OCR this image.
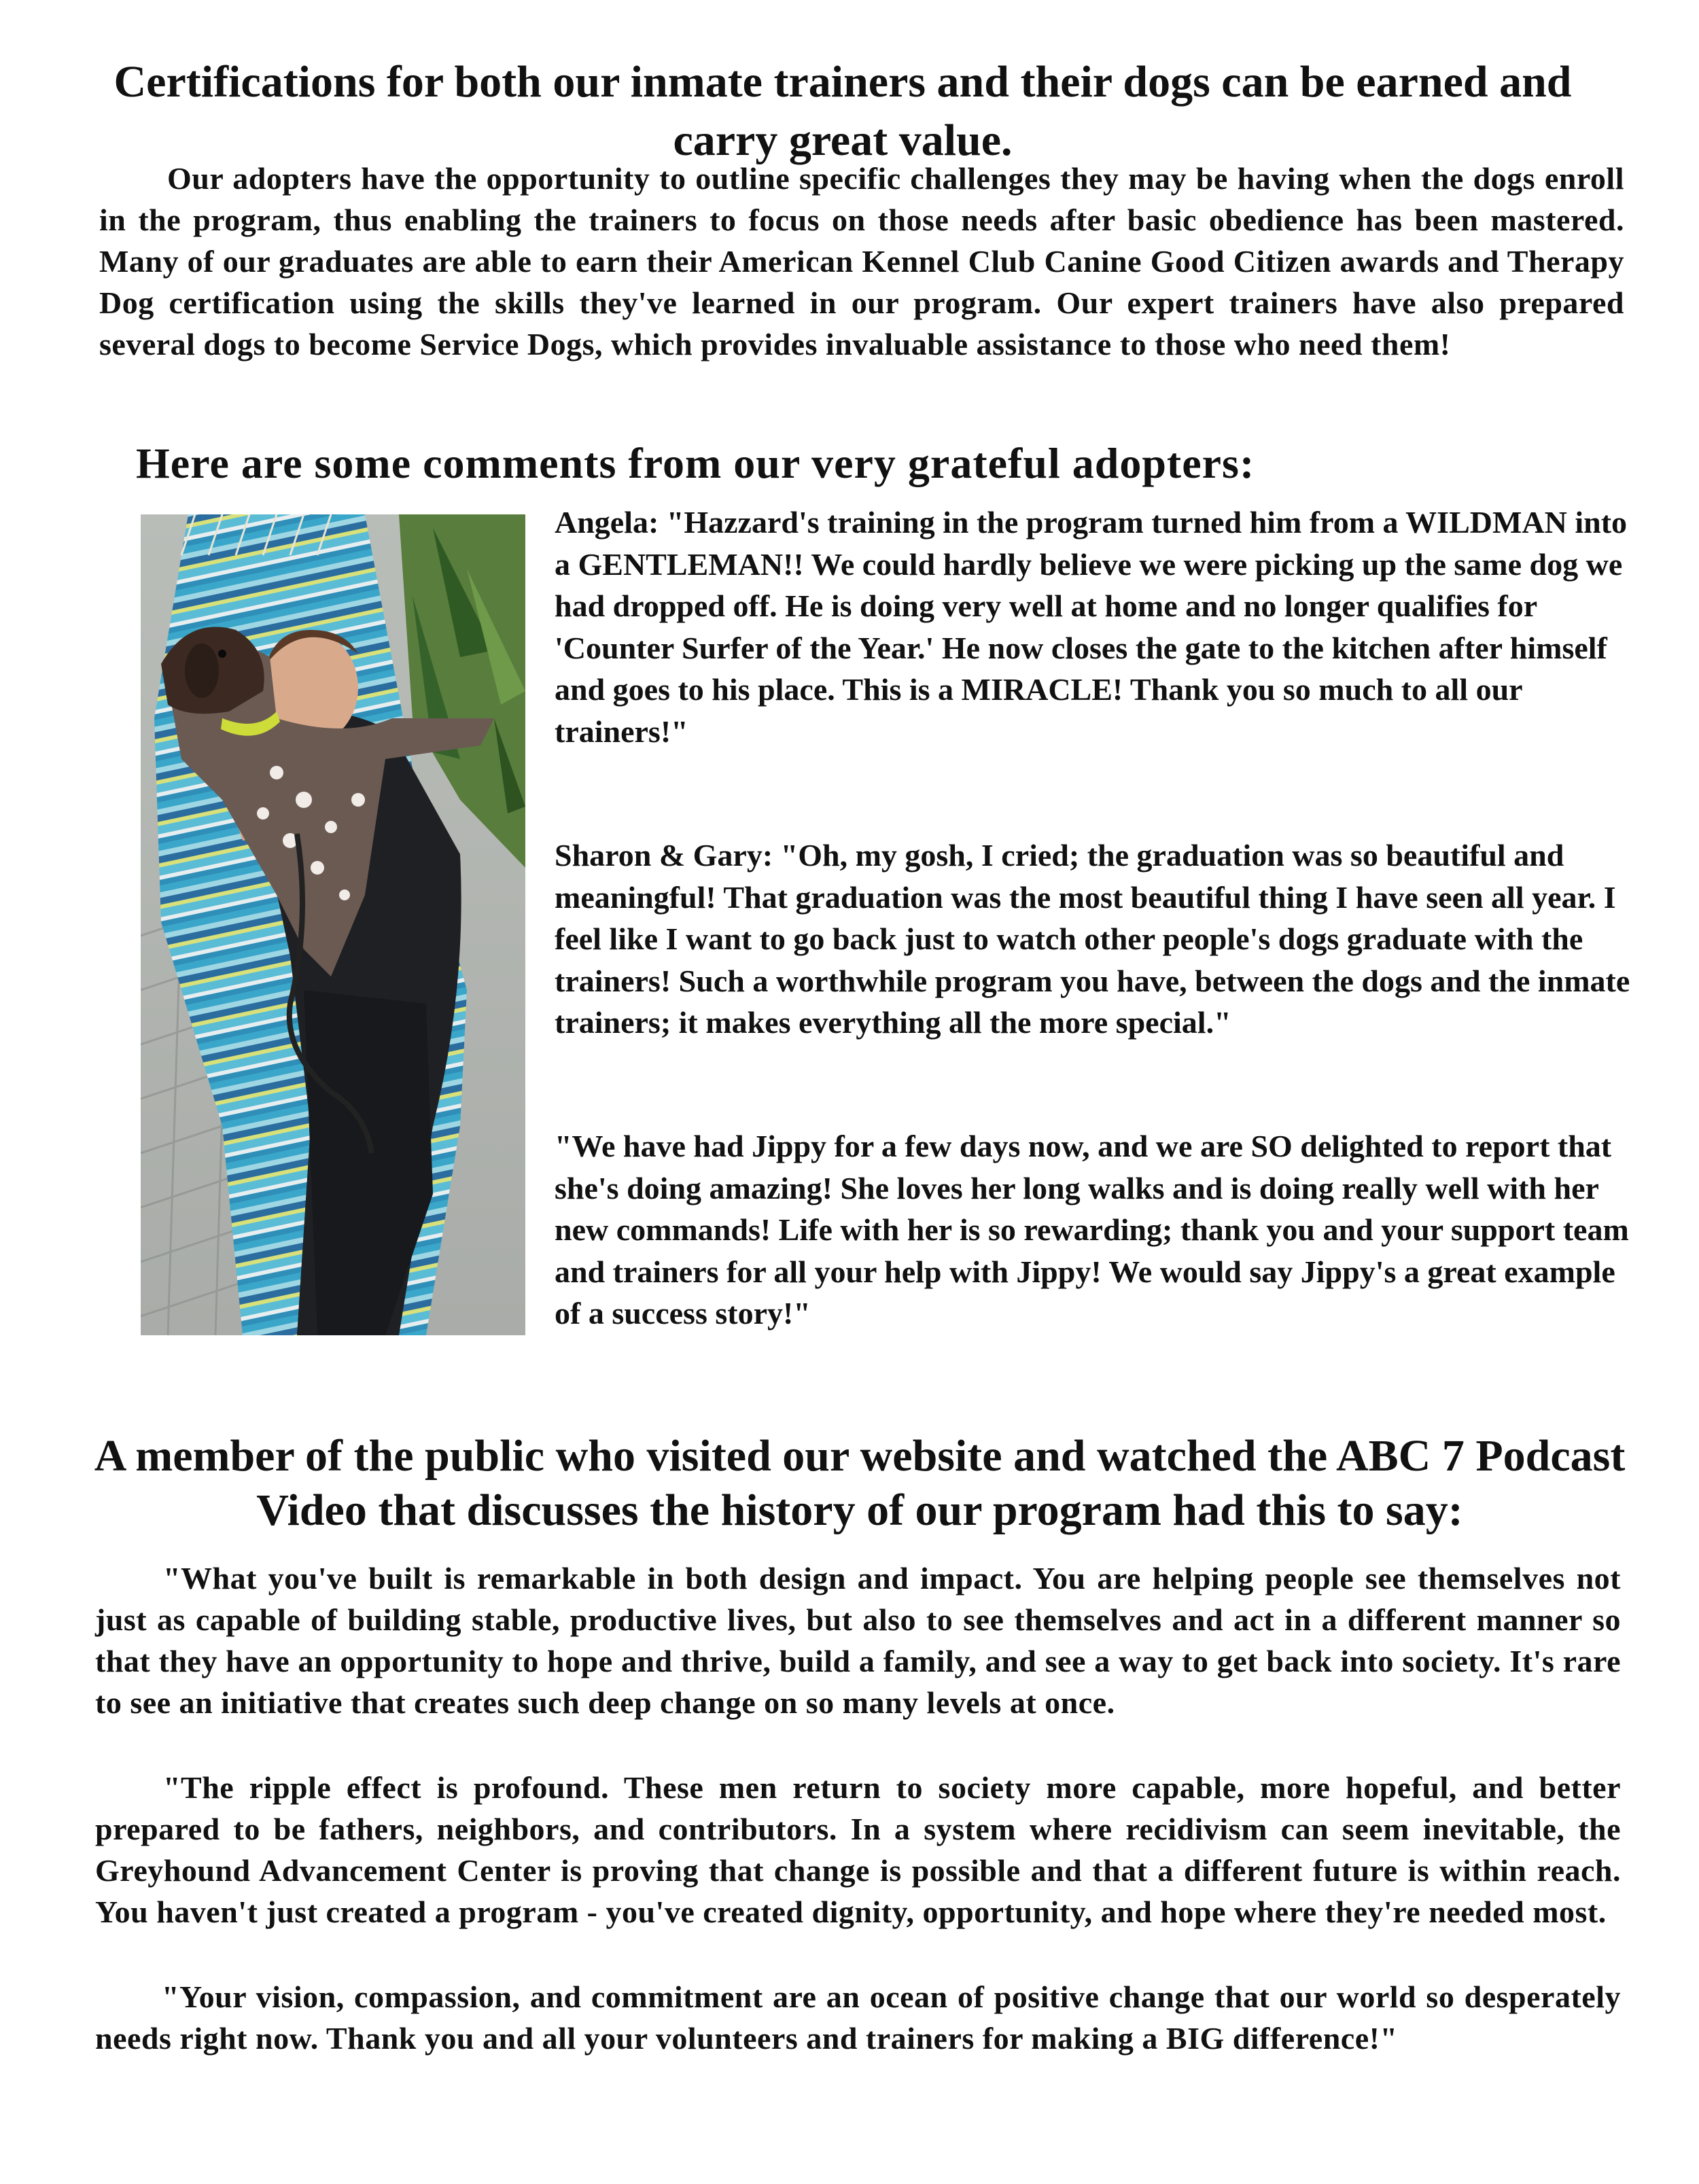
Certifications for both our inmate trainers and their dogs can be earned and carry great value.
Our adopters have the opportunity to outline specific challenges they may be having when the dogs enroll in the program, thus enabling the trainers to focus on those needs after basic obedience has been mastered. Many of our graduates are able to earn their American Kennel Club Canine Good Citizen awards and Therapy Dog certification using the skills they've learned in our program. Our expert trainers have also prepared several dogs to become Service Dogs, which provides invaluable assistance to those who need them!
Here are some comments from our very grateful adopters:
Angela: "Hazzard's training in the program turned him from a WILDMAN into a GENTLEMAN!! We could hardly believe we were picking up the same dog we had dropped off. He is doing very well at home and no longer qualifies for 'Counter Surfer of the Year.' He now closes the gate to the kitchen after himself and goes to his place. This is a MIRACLE! Thank you so much to all our trainers!"
Sharon & Gary: "Oh, my gosh, I cried; the graduation was so beautiful and meaningful! That graduation was the most beautiful thing I have seen all year. I feel like I want to go back just to watch other people's dogs graduate with the trainers! Such a worthwhile program you have, between the dogs and the inmate trainers; it makes everything all the more special."
"We have had Jippy for a few days now, and we are SO delighted to report that she's doing amazing! She loves her long walks and is doing really well with her new commands! Life with her is so rewarding; thank you and your support team and trainers for all your help with Jippy! We would say Jippy's a great example of a success story!"
A member of the public who visited our website and watched the ABC 7 Podcast Video that discusses the history of our program had this to say:
"What you've built is remarkable in both design and impact. You are helping people see themselves not just as capable of building stable, productive lives, but also to see themselves and act in a different manner so that they have an opportunity to hope and thrive, build a family, and see a way to get back into society. It's rare to see an initiative that creates such deep change on so many levels at once.
"The ripple effect is profound. These men return to society more capable, more hopeful, and better prepared to be fathers, neighbors, and contributors. In a system where recidivism can seem inevitable, the Greyhound Advancement Center is proving that change is possible and that a different future is within reach. You haven't just created a program - you've created dignity, opportunity, and hope where they're needed most.
"Your vision, compassion, and commitment are an ocean of positive change that our world so desperately needs right now. Thank you and all your volunteers and trainers for making a BIG difference!"
